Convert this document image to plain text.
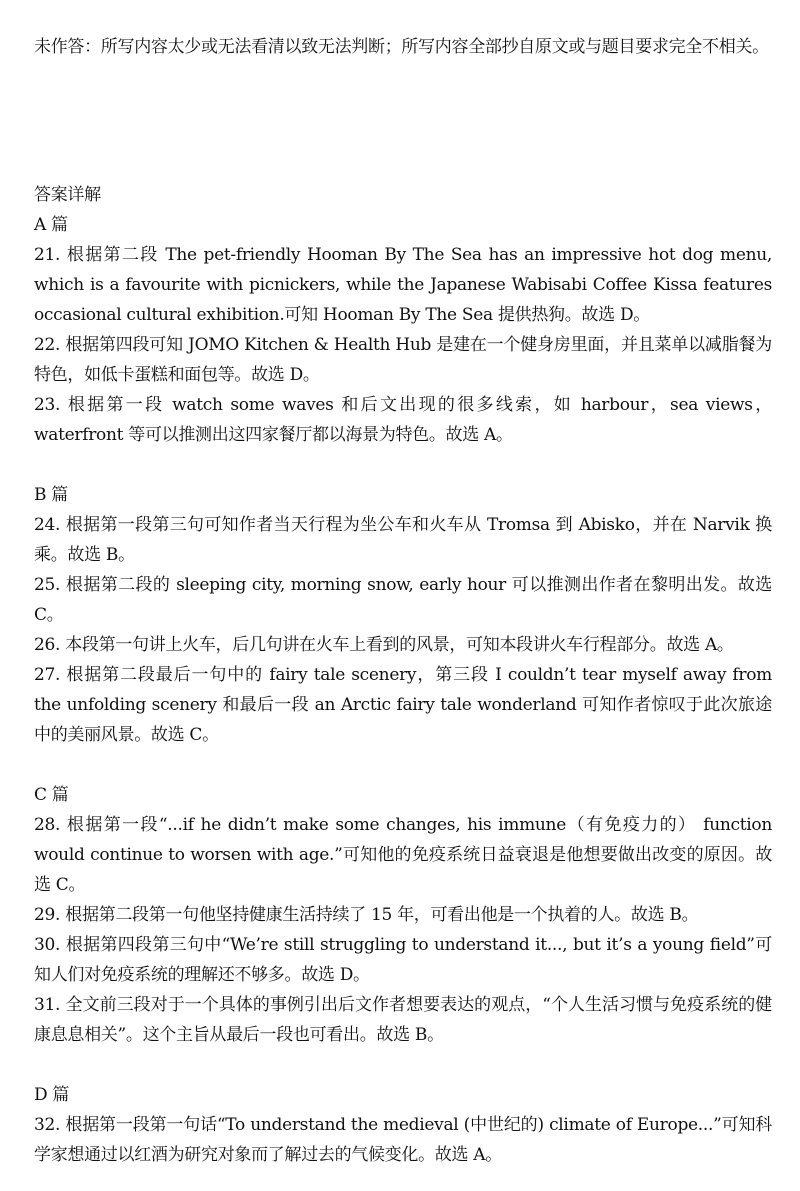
未作答：所写内容太少或无法看清以致无法判断；所写内容全部抄自原文或与题目要求完全不相关。

答案详解

A 篇

21. 根据第二段 The pet-friendly Hooman By The Sea has an impressive hot dog menu, which is a favourite with picnickers, while the Japanese Wabisabi Coffee Kissa features occasional cultural exhibition.可知 Hooman By The Sea 提供热狗。故选 D。

22. 根据第四段可知 JOMO Kitchen & Health Hub 是建在一个健身房里面，并且菜单以减脂餐为特色，如低卡蛋糕和面包等。故选 D。

23. 根据第一段 watch some waves 和后文出现的很多线索，如 harbour，sea views，waterfront 等可以推测出这四家餐厅都以海景为特色。故选 A。

B 篇

24. 根据第一段第三句可知作者当天行程为坐公车和火车从 Tromsa 到 Abisko，并在 Narvik 换乘。故选 B。

25. 根据第二段的 sleeping city, morning snow, early hour 可以推测出作者在黎明出发。故选 C。

26. 本段第一句讲上火车，后几句讲在火车上看到的风景，可知本段讲火车行程部分。故选 A。

27. 根据第二段最后一句中的 fairy tale scenery，第三段 I couldn’t tear myself away from the unfolding scenery 和最后一段 an Arctic fairy tale wonderland 可知作者惊叹于此次旅途中的美丽风景。故选 C。

C 篇

28. 根据第一段“...if he didn’t make some changes, his immune（有免疫力的） function would continue to worsen with age.”可知他的免疫系统日益衰退是他想要做出改变的原因。故选 C。

29. 根据第二段第一句他坚持健康生活持续了 15 年，可看出他是一个执着的人。故选 B。

30. 根据第四段第三句中“We’re still struggling to understand it..., but it’s a young field”可知人们对免疫系统的理解还不够多。故选 D。

31. 全文前三段对于一个具体的事例引出后文作者想要表达的观点，“个人生活习惯与免疫系统的健康息息相关”。这个主旨从最后一段也可看出。故选 B。

D 篇

32. 根据第一段第一句话“To understand the medieval (中世纪的) climate of Europe...”可知科学家想通过以红酒为研究对象而了解过去的气候变化。故选 A。
